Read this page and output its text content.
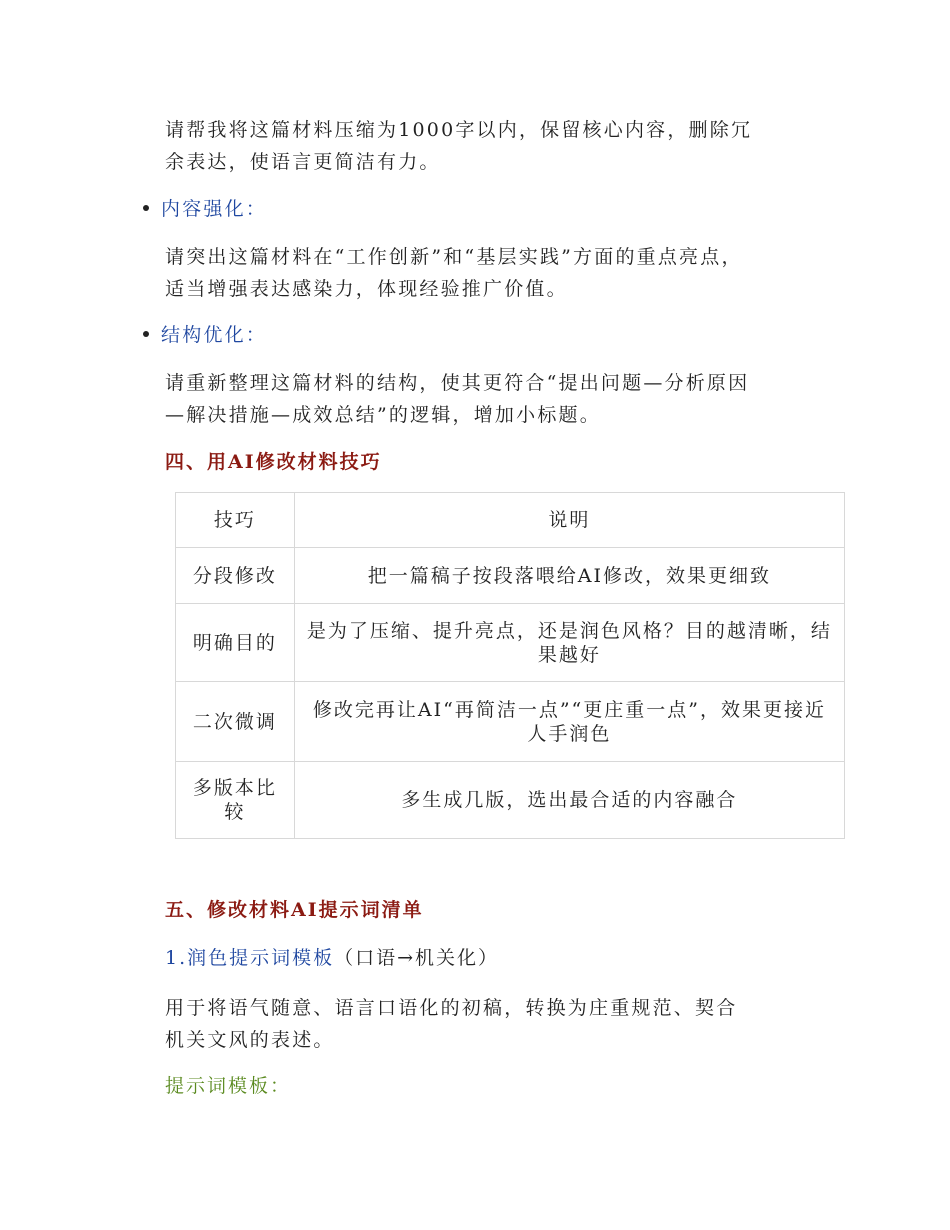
请帮我将这篇材料压缩为1000字以内，保留核心内容，删除冗
余表达，使语言更简洁有力。
内容强化：
请突出这篇材料在“工作创新”和“基层实践”方面的重点亮点，
适当增强表达感染力，体现经验推广价值。
结构优化：
请重新整理这篇材料的结构，使其更符合“提出问题—分析原因
—解决措施—成效总结”的逻辑，增加小标题。
四、用AI修改材料技巧
技巧	说明
分段修改	把一篇稿子按段落喂给AI修改，效果更细致
明确目的	是为了压缩、提升亮点，还是润色风格？目的越清晰，结果越好
二次微调	修改完再让AI“再简洁一点”“更庄重一点”，效果更接近人手润色
多版本比较	多生成几版，选出最合适的内容融合
五、修改材料AI提示词清单
1.润色提示词模板（口语→机关化）
用于将语气随意、语言口语化的初稿，转换为庄重规范、契合
机关文风的表述。
提示词模板：
